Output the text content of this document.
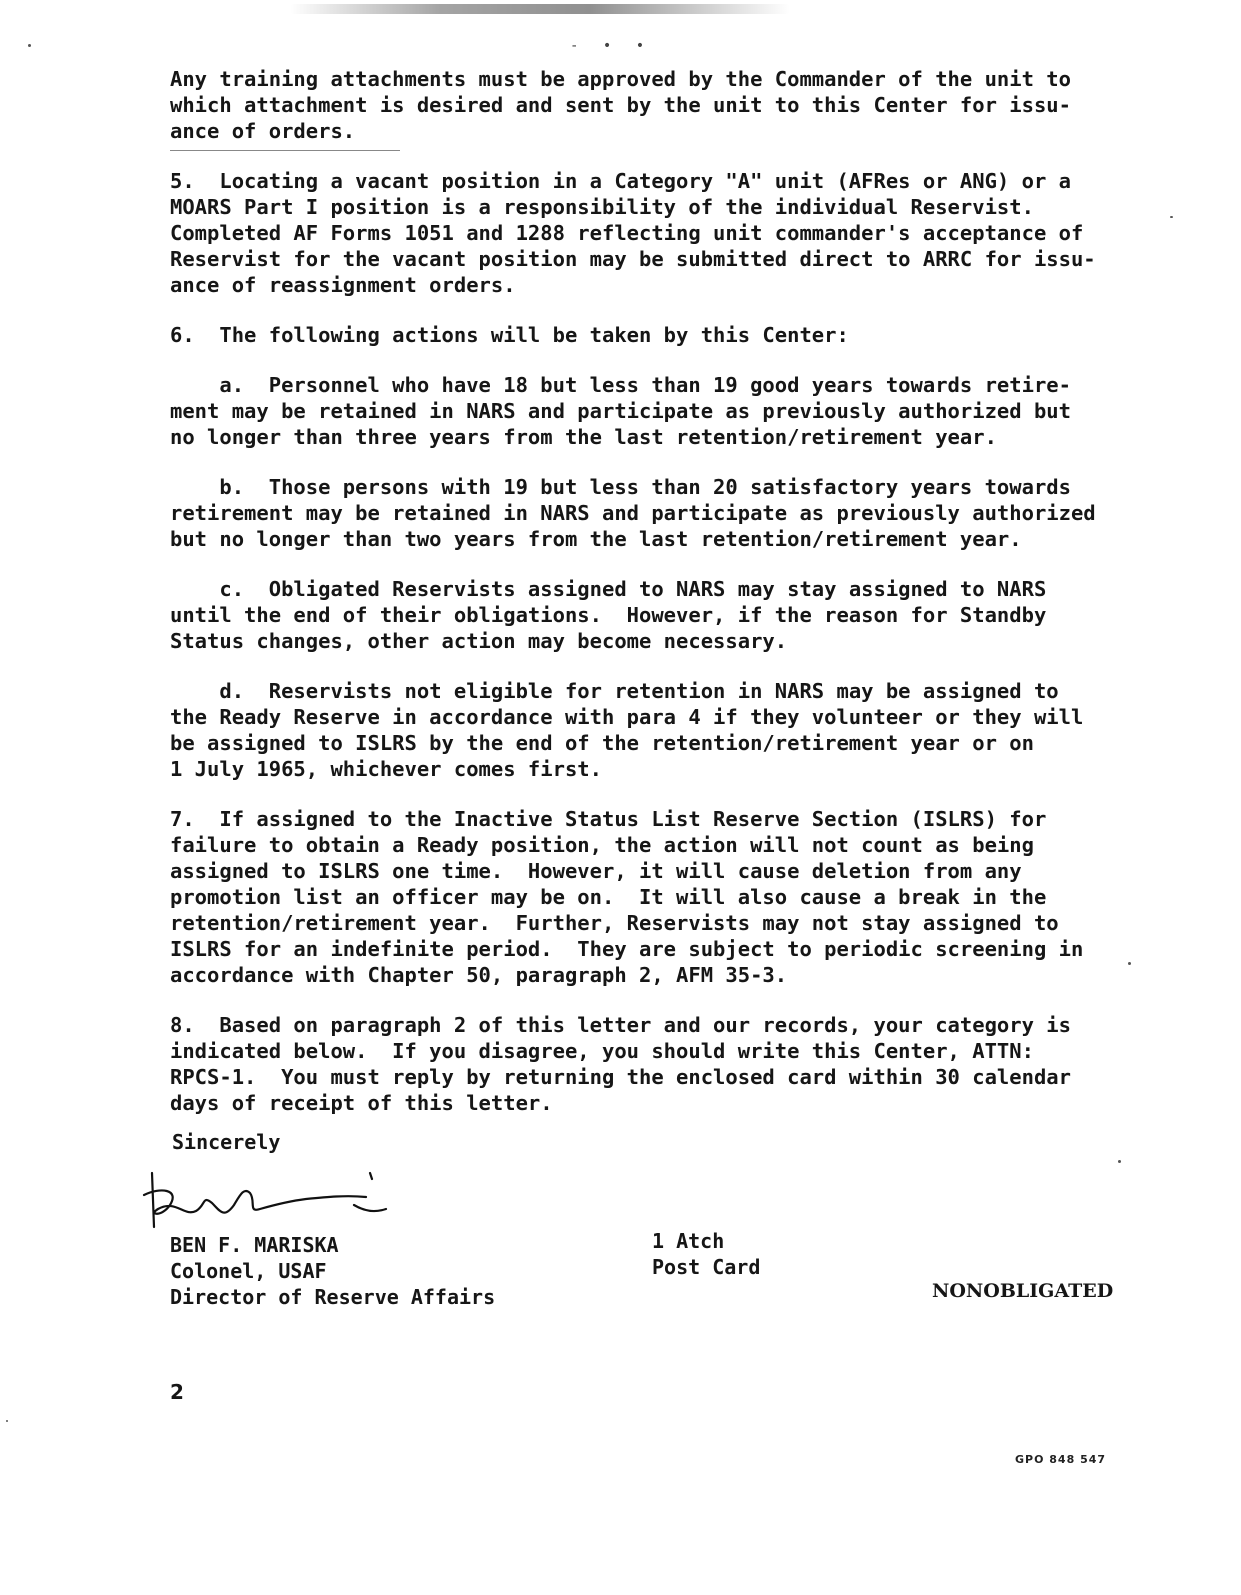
- • •

Any training attachments must be approved by the Commander of the unit to
which attachment is desired and sent by the unit to this Center for issu-
ance of orders.

5.  Locating a vacant position in a Category "A" unit (AFRes or ANG) or a
MOARS Part I position is a responsibility of the individual Reservist.
Completed AF Forms 1051 and 1288 reflecting unit commander's acceptance of
Reservist for the vacant position may be submitted direct to ARRC for issu-
ance of reassignment orders.

6.  The following actions will be taken by this Center:

a.  Personnel who have 18 but less than 19 good years towards retire-
ment may be retained in NARS and participate as previously authorized but
no longer than three years from the last retention/retirement year.

b.  Those persons with 19 but less than 20 satisfactory years towards
retirement may be retained in NARS and participate as previously authorized
but no longer than two years from the last retention/retirement year.

c.  Obligated Reservists assigned to NARS may stay assigned to NARS
until the end of their obligations.  However, if the reason for Standby
Status changes, other action may become necessary.

d.  Reservists not eligible for retention in NARS may be assigned to
the Ready Reserve in accordance with para 4 if they volunteer or they will
be assigned to ISLRS by the end of the retention/retirement year or on
1 July 1965, whichever comes first.

7.  If assigned to the Inactive Status List Reserve Section (ISLRS) for
failure to obtain a Ready position, the action will not count as being
assigned to ISLRS one time.  However, it will cause deletion from any
promotion list an officer may be on.  It will also cause a break in the
retention/retirement year.  Further, Reservists may not stay assigned to
ISLRS for an indefinite period.  They are subject to periodic screening in
accordance with Chapter 50, paragraph 2, AFM 35-3.

8.  Based on paragraph 2 of this letter and our records, your category is
indicated below.  If you disagree, you should write this Center, ATTN:
RPCS-1.  You must reply by returning the enclosed card within 30 calendar
days of receipt of this letter.

Sincerely
BEN F. MARISKA
Colonel, USAF
Director of Reserve Affairs
1 Atch
Post Card
NONOBLIGATED
2
GPO 848 547
